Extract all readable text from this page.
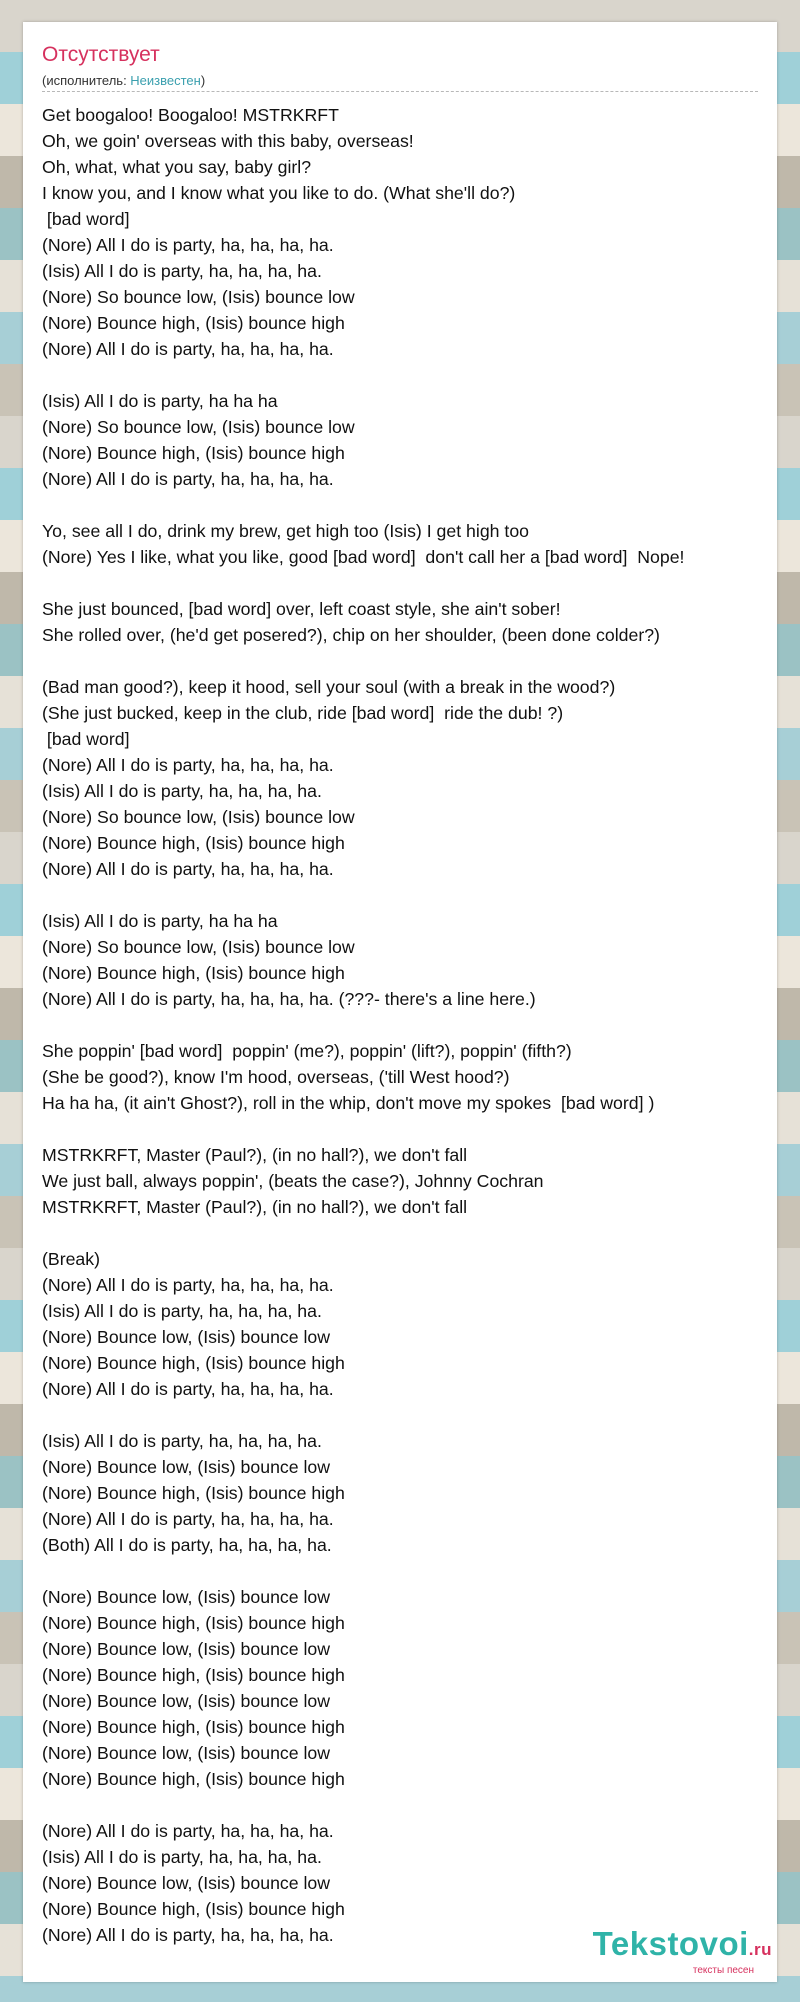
Отсутствует
(исполнитель: Неизвестен)
Get boogaloo! Boogaloo! MSTRKRFT
Oh, we goin' overseas with this baby, overseas!
Oh, what, what you say, baby girl?
I know you, and I know what you like to do. (What she'll do?)
[bad word]
(Nore) All I do is party, ha, ha, ha, ha.
(Isis) All I do is party, ha, ha, ha, ha.
(Nore) So bounce low, (Isis) bounce low
(Nore) Bounce high, (Isis) bounce high
(Nore) All I do is party, ha, ha, ha, ha.

(Isis) All I do is party, ha ha ha
(Nore) So bounce low, (Isis) bounce low
(Nore) Bounce high, (Isis) bounce high
(Nore) All I do is party, ha, ha, ha, ha.

Yo, see all I do, drink my brew, get high too (Isis) I get high too
(Nore) Yes I like, what you like, good [bad word]  don't call her a [bad word]  Nope!

She just bounced, [bad word] over, left coast style, she ain't sober!
She rolled over, (he'd get posered?), chip on her shoulder, (been done colder?)

(Bad man good?), keep it hood, sell your soul (with a break in the wood?)
(She just bucked, keep in the club, ride [bad word]  ride the dub! ?)
[bad word]
(Nore) All I do is party, ha, ha, ha, ha.
(Isis) All I do is party, ha, ha, ha, ha.
(Nore) So bounce low, (Isis) bounce low
(Nore) Bounce high, (Isis) bounce high
(Nore) All I do is party, ha, ha, ha, ha.

(Isis) All I do is party, ha ha ha
(Nore) So bounce low, (Isis) bounce low
(Nore) Bounce high, (Isis) bounce high
(Nore) All I do is party, ha, ha, ha, ha. (???- there's a line here.)

She poppin' [bad word]  poppin' (me?), poppin' (lift?), poppin' (fifth?)
(She be good?), know I'm hood, overseas, ('till West hood?)
Ha ha ha, (it ain't Ghost?), roll in the whip, don't move my spokes  [bad word] )

MSTRKRFT, Master (Paul?), (in no hall?), we don't fall
We just ball, always poppin', (beats the case?), Johnny Cochran
MSTRKRFT, Master (Paul?), (in no hall?), we don't fall

(Break)
(Nore) All I do is party, ha, ha, ha, ha.
(Isis) All I do is party, ha, ha, ha, ha.
(Nore) Bounce low, (Isis) bounce low
(Nore) Bounce high, (Isis) bounce high
(Nore) All I do is party, ha, ha, ha, ha.

(Isis) All I do is party, ha, ha, ha, ha.
(Nore) Bounce low, (Isis) bounce low
(Nore) Bounce high, (Isis) bounce high
(Nore) All I do is party, ha, ha, ha, ha.
(Both) All I do is party, ha, ha, ha, ha.

(Nore) Bounce low, (Isis) bounce low
(Nore) Bounce high, (Isis) bounce high
(Nore) Bounce low, (Isis) bounce low
(Nore) Bounce high, (Isis) bounce high
(Nore) Bounce low, (Isis) bounce low
(Nore) Bounce high, (Isis) bounce high
(Nore) Bounce low, (Isis) bounce low
(Nore) Bounce high, (Isis) bounce high

(Nore) All I do is party, ha, ha, ha, ha.
(Isis) All I do is party, ha, ha, ha, ha.
(Nore) Bounce low, (Isis) bounce low
(Nore) Bounce high, (Isis) bounce high
(Nore) All I do is party, ha, ha, ha, ha.	Tekstovoi.ru
тексты песен
